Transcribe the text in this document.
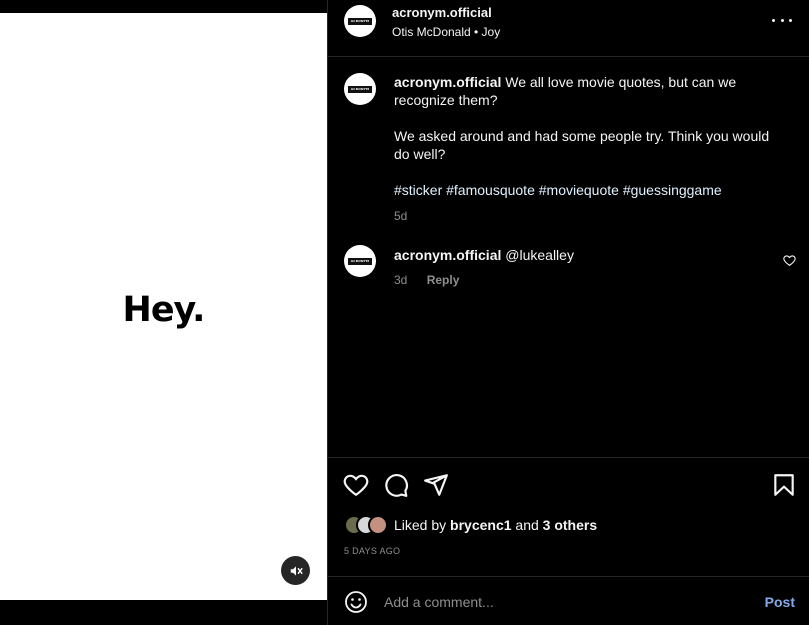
Hey.
ACRONYM
acronym.official
Otis McDonald • Joy
ACRONYM acronym.official We all love movie quotes, but can we recognize them?

We asked around and had some people try. Think you would do well?

#sticker #famousquote #moviequote #guessinggame

5d
ACRONYM acronym.official @lukealley

3d Reply
Liked by brycenc1 and 3 others
5 DAYS AGO
Add a comment...
Post
